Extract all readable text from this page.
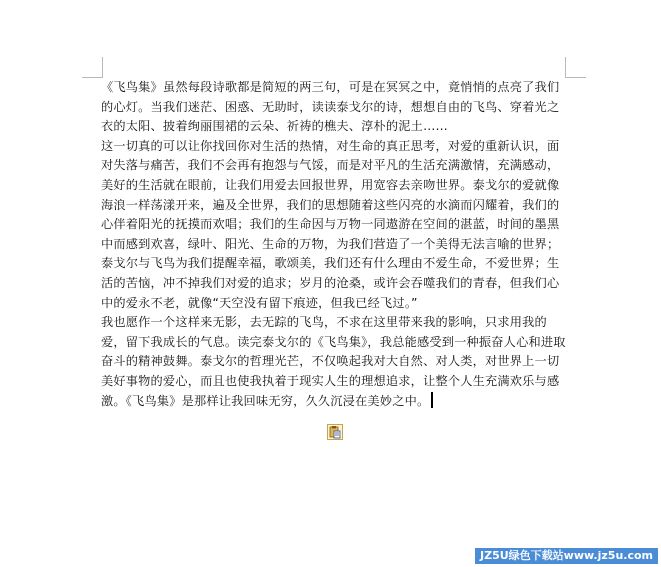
《飞鸟集》虽然每段诗歌都是简短的两三句，可是在冥冥之中，竟悄悄的点亮了我们的心灯。当我们迷茫、困惑、无助时，读读泰戈尔的诗，想想自由的飞鸟、穿着光之衣的太阳、披着绚丽围裙的云朵、祈祷的樵夫、淳朴的泥土……

这一切真的可以让你找回你对生活的热情，对生命的真正思考，对爱的重新认识，面对失落与痛苦，我们不会再有抱怨与气馁，而是对平凡的生活充满激情，充满感动，美好的生活就在眼前，让我们用爱去回报世界，用宽容去亲吻世界。泰戈尔的爱就像海浪一样荡漾开来，遍及全世界，我们的思想随着这些闪亮的水滴而闪耀着，我们的心伴着阳光的抚摸而欢唱；我们的生命因与万物一同遨游在空间的湛蓝，时间的墨黑中而感到欢喜，绿叶、阳光、生命的万物，为我们营造了一个美得无法言喻的世界；泰戈尔与飞鸟为我们提醒幸福，歌颂美，我们还有什么理由不爱生命，不爱世界；生活的苦恼，冲不掉我们对爱的追求；岁月的沧桑，或许会吞噬我们的青春，但我们心中的爱永不老，就像“天空没有留下痕迹，但我已经飞过。”

我也愿作一个这样来无影，去无踪的飞鸟，不求在这里带来我的影响，只求用我的爱，留下我成长的气息。读完泰戈尔的《飞鸟集》，我总能感受到一种振奋人心和进取奋斗的精神鼓舞。泰戈尔的哲理光芒，不仅唤起我对大自然、对人类，对世界上一切美好事物的爱心，而且也使我执着于现实人生的理想追求，让整个人生充满欢乐与感激。《飞鸟集》是那样让我回味无穷，久久沉浸在美妙之中。

JZ5U绿色下载站www.jz5u.com
